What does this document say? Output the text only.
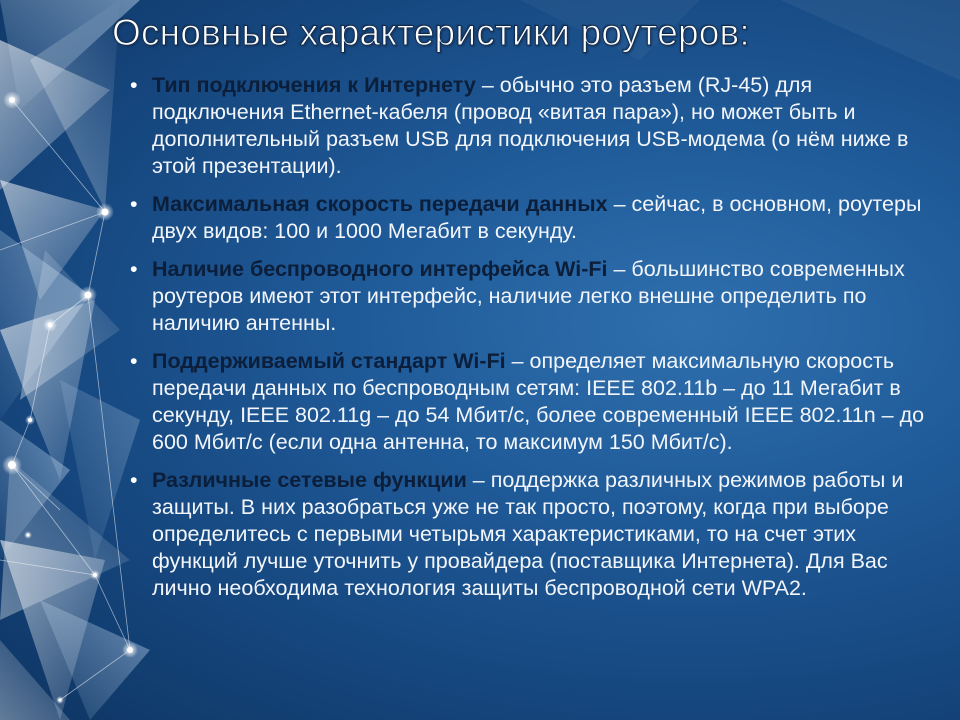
Основные характеристики роутеров:
• Тип подключения к Интернету – обычно это разъем (RJ-45) для подключения Ethernet-кабеля (провод «витая пара»), но может быть и дополнительный разъем USB для подключения USB-модема (о нём ниже в этой презентации).
• Максимальная скорость передачи данных – сейчас, в основном, роутеры двух видов: 100 и 1000 Мегабит в секунду.
• Наличие беспроводного интерфейса Wi-Fi – большинство современных роутеров имеют этот интерфейс, наличие легко внешне определить по наличию антенны.
• Поддерживаемый стандарт Wi-Fi – определяет максимальную скорость передачи данных по беспроводным сетям: IEEE 802.11b – до 11 Мегабит в секунду, IEEE 802.11g – до 54 Мбит/с, более современный IEEE 802.11n – до 600 Мбит/с (если одна антенна, то максимум 150 Мбит/с).
• Различные сетевые функции – поддержка различных режимов работы и защиты. В них разобраться уже не так просто, поэтому, когда при выборе определитесь с первыми четырьмя характеристиками, то на счет этих функций лучше уточнить у провайдера (поставщика Интернета). Для Вас лично необходима технология защиты беспроводной сети WPA2.
